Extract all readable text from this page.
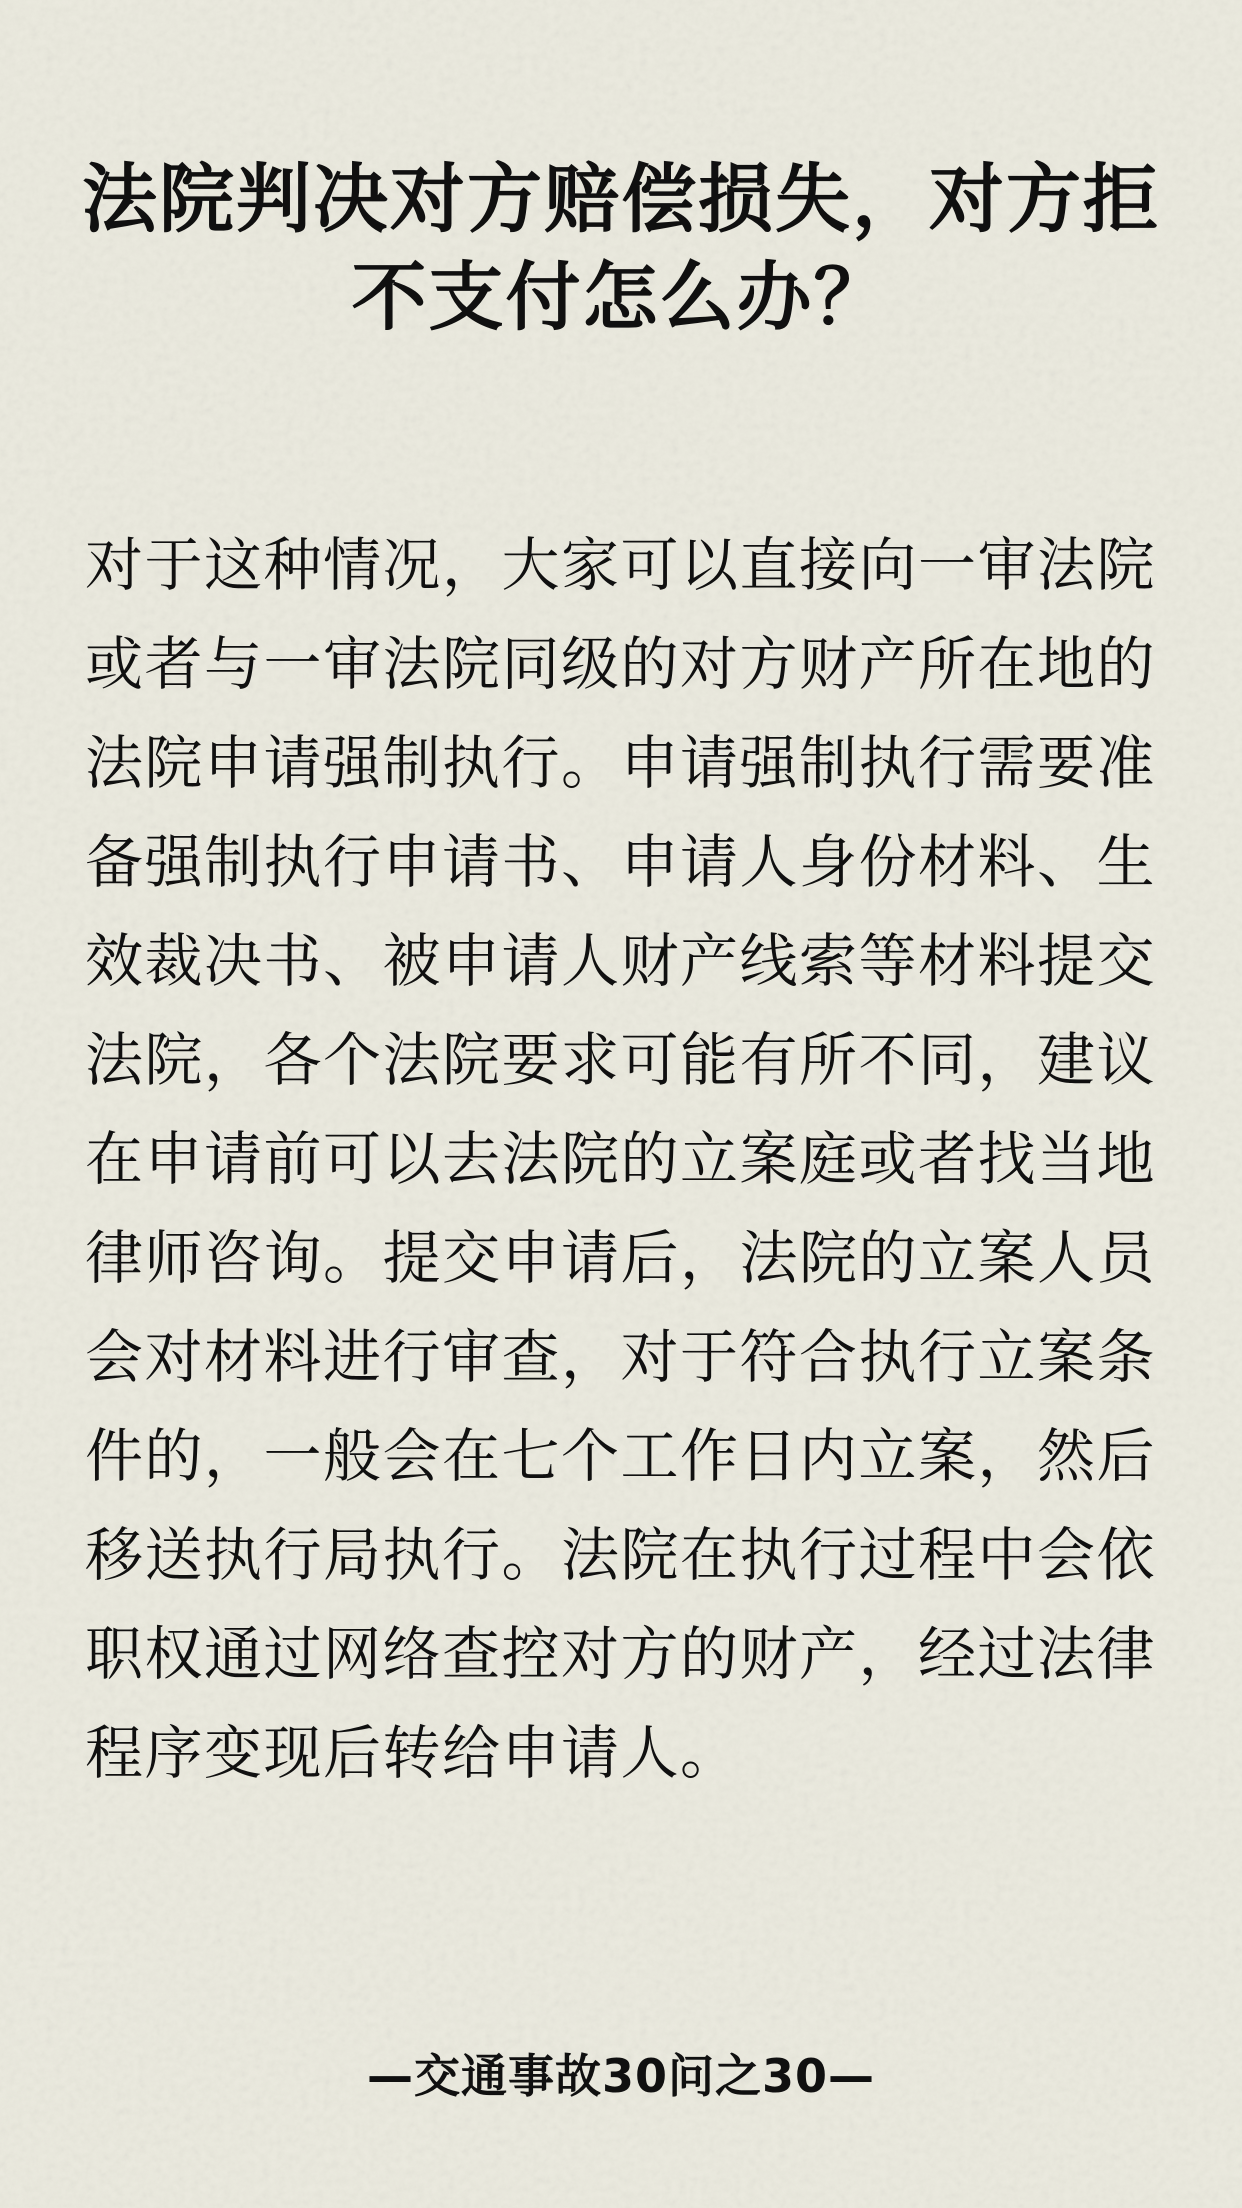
法院判决对方赔偿损失，对方拒
不支付怎么办？
对于这种情况，大家可以直接向一审法院
或者与一审法院同级的对方财产所在地的
法院申请强制执行。申请强制执行需要准
备强制执行申请书、申请人身份材料、生
效裁决书、被申请人财产线索等材料提交
法院，各个法院要求可能有所不同，建议
在申请前可以去法院的立案庭或者找当地
律师咨询。提交申请后，法院的立案人员
会对材料进行审查，对于符合执行立案条
件的，一般会在七个工作日内立案，然后
移送执行局执行。法院在执行过程中会依
职权通过网络查控对方的财产，经过法律
程序变现后转给申请人。
—交通事故30问之30—
